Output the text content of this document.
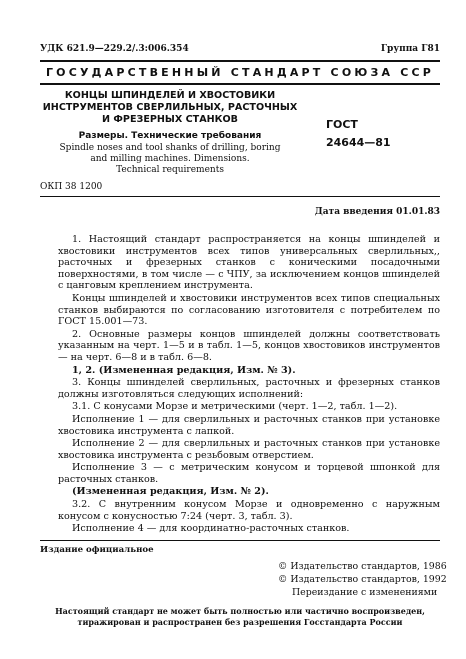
УДК 621.9—229.2/.3:006.354	Группа Г81
ГОСУДАРСТВЕННЫЙ СТАНДАРТ СОЮЗА ССР
КОНЦЫ ШПИНДЕЛЕЙ И ХВОСТОВИКИ
ИНСТРУМЕНТОВ СВЕРЛИЛЬНЫХ, РАСТОЧНЫХ
И ФРЕЗЕРНЫХ СТАНКОВ
Размеры. Технические требования
Spindle noses and tool shanks of drilling, boring
and milling machines. Dimensions.
Technical requirements
ГОСТ
24644—81
ОКП 38 1200
Дата введения 01.01.83

1. Настоящий стандарт распространяется на концы шпинделей и хвостовики инструментов всех типов универсальных сверлильных,, расточных и фрезерных станков с коническими посадочными поверхностями, в том числе — с ЧПУ, за исключением концов шпинделей с цанговым креплением инструмента.

Концы шпинделей и хвостовики инструментов всех типов специальных станков выбираются по согласованию изготовителя с потребителем по ГОСТ 15.001—73.

2. Основные размеры концов шпинделей должны соответствовать указанным на черт. 1—5 и в табл. 1—5, концов хвостовиков инструментов — на черт. 6—8 и в табл. 6—8.

1, 2. (Измененная редакция, Изм. № 3).

3. Концы шпинделей сверлильных, расточных и фрезерных станков должны изготовляться следующих исполнений:

3.1. С конусами Морзе и метрическими (черт. 1—2, табл. 1—2).

Исполнение 1 — для сверлильных и расточных станков при установке хвостовика инструмента с лапкой.

Исполнение 2 — для сверлильных и расточных станков при установке хвостовика инструмента с резьбовым отверстием.

Исполнение 3 — с метрическим конусом и торцевой шпонкой для расточных станков.

(Измененная редакция, Изм. № 2).

3.2. С внутренним конусом Морзе и одновременно с наружным конусом с конусностью 7:24 (черт. 3, табл. 3).

Исполнение 4 — для координатно-расточных станков.

Издание официальное
© Издательство стандартов, 1986
© Издательство стандартов, 1992
Переиздание с изменениями
Настоящий стандарт не может быть полностью или частично воспроизведен,
тиражирован и распространен без разрешения Госстандарта России
